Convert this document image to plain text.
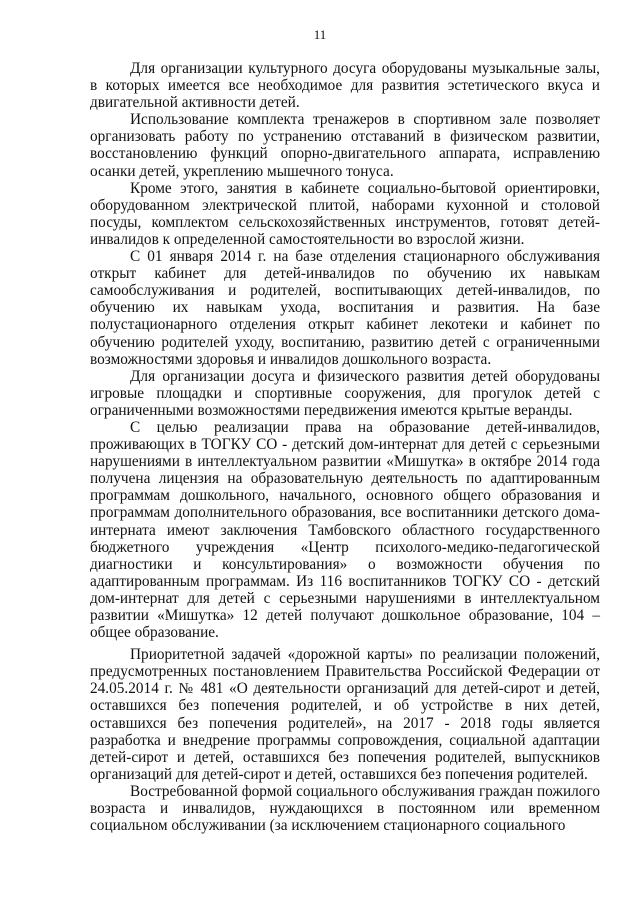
11

Для организации культурного досуга оборудованы музыкальные залы, в которых имеется все необходимое для развития эстетического вкуса и двигательной активности детей.

Использование комплекта тренажеров в спортивном зале позволяет организовать работу по устранению отставаний в физическом развитии, восстановлению функций опорно-двигательного аппарата, исправлению осанки детей, укреплению мышечного тонуса.

Кроме этого, занятия в кабинете социально-бытовой ориентировки, оборудованном электрической плитой, наборами кухонной и столовой посуды, комплектом сельскохозяйственных инструментов, готовят детей-инвалидов к определенной самостоятельности во взрослой жизни.

С 01 января 2014 г. на базе отделения стационарного обслуживания открыт кабинет для детей-инвалидов по обучению их навыкам самообслуживания и родителей, воспитывающих детей-инвалидов, по обучению их навыкам ухода, воспитания и развития. На базе полустационарного отделения открыт кабинет лекотеки и кабинет по обучению родителей уходу, воспитанию, развитию детей с ограниченными возможностями здоровья и инвалидов дошкольного возраста.

Для организации досуга и физического развития детей оборудованы игровые площадки и спортивные сооружения, для прогулок детей с ограниченными возможностями передвижения имеются крытые веранды.

С целью реализации права на образование детей-инвалидов, проживающих в ТОГКУ СО - детский дом-интернат для детей с серьезными нарушениями в интеллектуальном развитии «Мишутка» в октябре 2014 года получена лицензия на образовательную деятельность по адаптированным программам дошкольного, начального, основного общего образования и программам дополнительного образования, все воспитанники детского дома-интерната имеют заключения Тамбовского областного государственного бюджетного учреждения «Центр психолого-медико-педагогической диагностики и консультирования» о возможности обучения по адаптированным программам. Из 116 воспитанников ТОГКУ СО - детский дом-интернат для детей с серьезными нарушениями в интеллектуальном развитии «Мишутка» 12 детей получают дошкольное образование, 104 – общее образование.

Приоритетной задачей «дорожной карты» по реализации положений, предусмотренных постановлением Правительства Российской Федерации от 24.05.2014 г. № 481 «О деятельности организаций для детей-сирот и детей, оставшихся без попечения родителей, и об устройстве в них детей, оставшихся без попечения родителей», на 2017 - 2018 годы является разработка и внедрение программы сопровождения, социальной адаптации детей-сирот и детей, оставшихся без попечения родителей, выпускников организаций для детей-сирот и детей, оставшихся без попечения родителей.

Востребованной формой социального обслуживания граждан пожилого возраста и инвалидов, нуждающихся в постоянном или временном социальном обслуживании (за исключением стационарного социального
